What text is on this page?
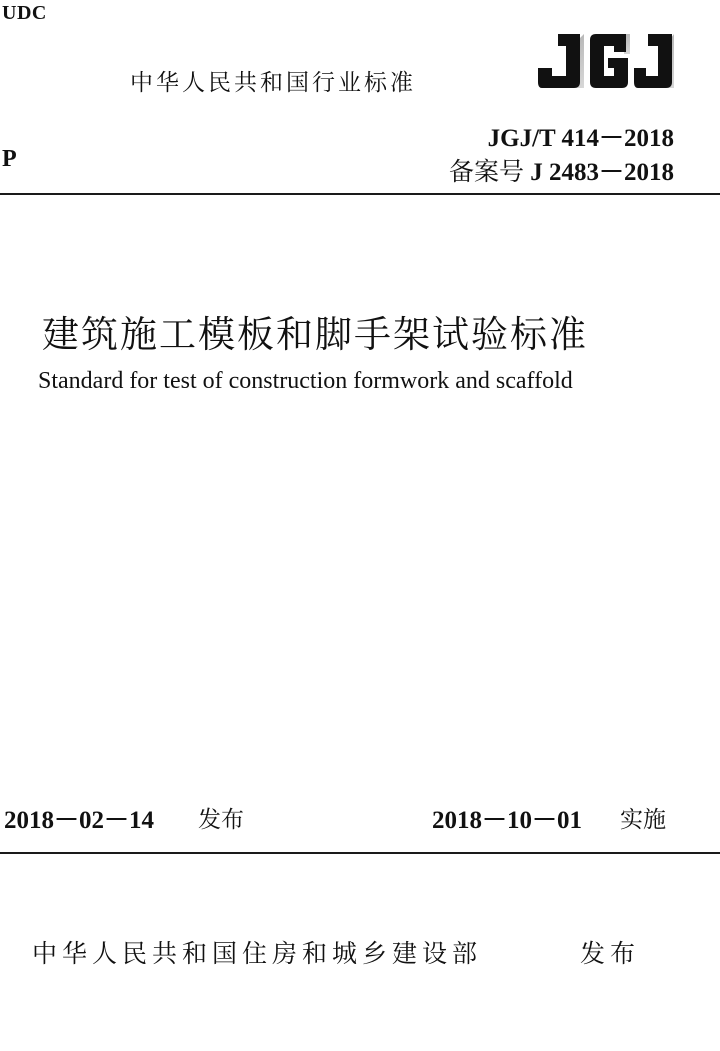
UDC
中华人民共和国行业标准
JGJ/T 414－2018
P	备案号 J 2483－2018
建筑施工模板和脚手架试验标准
Standard for test of construction formwork and scaffold
2018－02－14 发布	2018－10－01 实施
中华人民共和国住房和城乡建设部	发布
